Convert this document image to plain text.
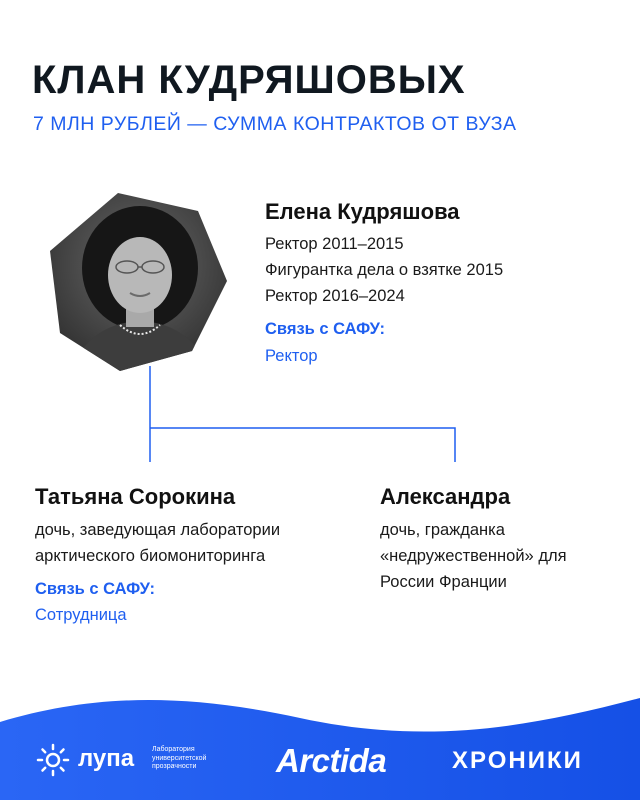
КЛАН КУДРЯШОВЫХ
7 МЛН РУБЛЕЙ — СУММА КОНТРАКТОВ ОТ ВУЗА
Елена Кудряшова
Ректор 2011–2015
Фигурантка дела о взятке 2015
Ректор 2016–2024
Связь с САФУ:
Ректор
Татьяна Сорокина
дочь, заведующая лаборатории
арктического биомониторинга
Связь с САФУ:
Сотрудница
Александра
дочь, гражданка
«недружественной» для
России Франции
лупа	Лаборатория университетской прозрачности	Arctida	ХРОНИКИ
